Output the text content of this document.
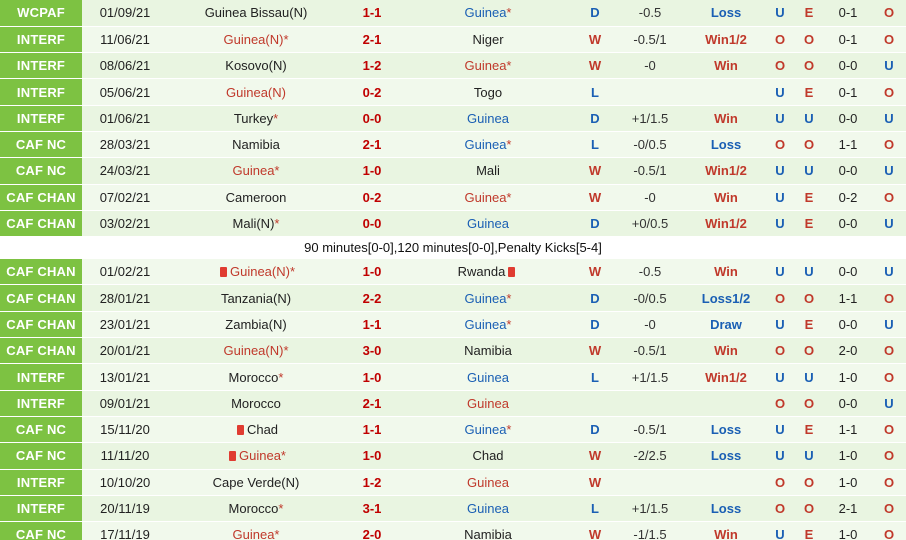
WCPAF	01/09/21	Guinea Bissau(N)	1-1	Guinea*	D	-0.5	Loss	U	E	0-1	O
INTERF	11/06/21	Guinea(N)*	2-1	Niger	W	-0.5/1	Win1/2	O	O	0-1	O
INTERF	08/06/21	Kosovo(N)	1-2	Guinea*	W	-0	Win	O	O	0-0	U
INTERF	05/06/21	Guinea(N)	0-2	Togo	L			U	E	0-1	O
INTERF	01/06/21	Turkey*	0-0	Guinea	D	+1/1.5	Win	U	U	0-0	U
CAF NC	28/03/21	Namibia	2-1	Guinea*	L	-0/0.5	Loss	O	O	1-1	O
CAF NC	24/03/21	Guinea*	1-0	Mali	W	-0.5/1	Win1/2	U	U	0-0	U
CAF CHAN	07/02/21	Cameroon	0-2	Guinea*	W	-0	Win	U	E	0-2	O
CAF CHAN	03/02/21	Mali(N)*	0-0	Guinea	D	+0/0.5	Win1/2	U	E	0-0	U
90 minutes[0-0],120 minutes[0-0],Penalty Kicks[5-4]											
CAF CHAN	01/02/21	Guinea(N)*	1-0	Rwanda	W	-0.5	Win	U	U	0-0	U
CAF CHAN	28/01/21	Tanzania(N)	2-2	Guinea*	D	-0/0.5	Loss1/2	O	O	1-1	O
CAF CHAN	23/01/21	Zambia(N)	1-1	Guinea*	D	-0	Draw	U	E	0-0	U
CAF CHAN	20/01/21	Guinea(N)*	3-0	Namibia	W	-0.5/1	Win	O	O	2-0	O
INTERF	13/01/21	Morocco*	1-0	Guinea	L	+1/1.5	Win1/2	U	U	1-0	O
INTERF	09/01/21	Morocco	2-1	Guinea				O	O	0-0	U
CAF NC	15/11/20	Chad	1-1	Guinea*	D	-0.5/1	Loss	U	E	1-1	O
CAF NC	11/11/20	Guinea*	1-0	Chad	W	-2/2.5	Loss	U	U	1-0	O
INTERF	10/10/20	Cape Verde(N)	1-2	Guinea	W			O	O	1-0	O
INTERF	20/11/19	Morocco*	3-1	Guinea	L	+1/1.5	Loss	O	O	2-1	O
CAF NC	17/11/19	Guinea*	2-0	Namibia	W	-1/1.5	Win	U	E	1-0	O
